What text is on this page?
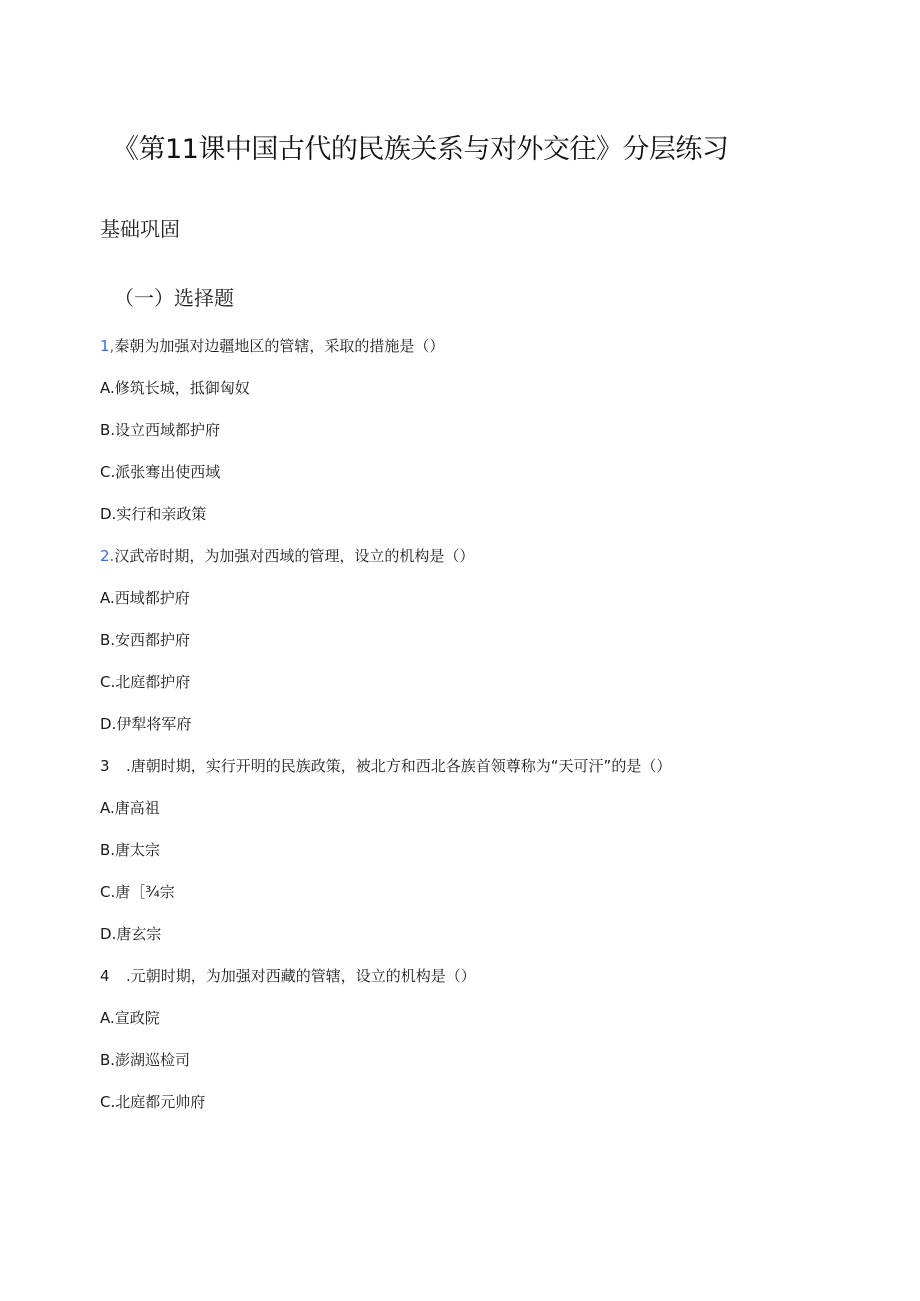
《第11课中国古代的民族关系与对外交往》分层练习
基础巩固
（一）选择题
1,秦朝为加强对边疆地区的管辖，采取的措施是（）
A.修筑长城，抵御匈奴
B.设立西域都护府
C.派张骞出使西域
D.实行和亲政策
2.汉武帝时期，为加强对西域的管理，设立的机构是（）
A.西域都护府
B.安西都护府
C.北庭都护府
D.伊犁将军府
3 .唐朝时期，实行开明的民族政策，被北方和西北各族首领尊称为“天可汗”的是（）
A.唐高祖
B.唐太宗
C.唐［¾宗
D.唐玄宗
4 .元朝时期，为加强对西藏的管辖，设立的机构是（）
A.宣政院
B.澎湖巡检司
C.北庭都元帅府
